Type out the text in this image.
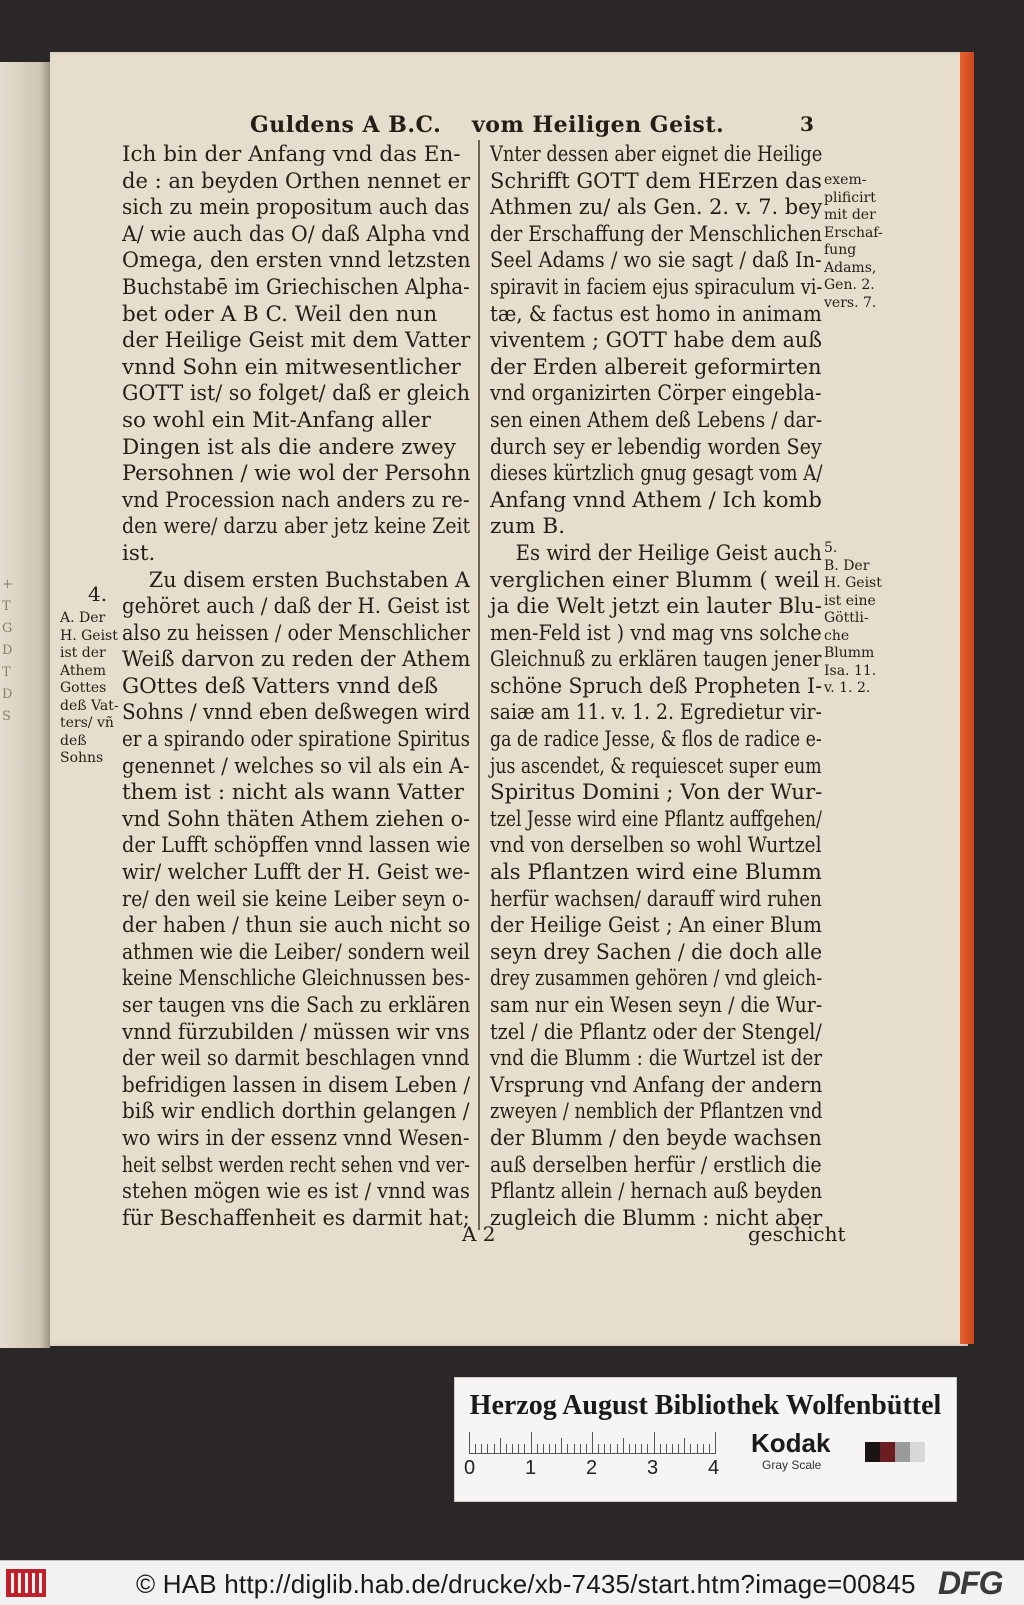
+
T
G
D
T
D
S
Guldens A B.C. vom Heiligen Geist.	3
Ich bin der Anfang vnd das En-
de : an beyden Orthen nennet er
sich zu mein propositum auch das
A/ wie auch das O/ daß Alpha vnd
Omega, den ersten vnnd letzsten
Buchstabē im Griechischen Alpha-
bet oder A B C. Weil den nun
der Heilige Geist mit dem Vatter
vnnd Sohn ein mitwesentlicher
GOTT ist/ so folget/ daß er gleich
so wohl ein Mit-Anfang aller
Dingen ist als die andere zwey
Persohnen / wie wol der Persohn
vnd Procession nach anders zu re-
den were/ darzu aber jetz keine Zeit
ist.
Zu disem ersten Buchstaben A
gehöret auch / daß der H. Geist ist
also zu heissen / oder Menschlicher
Weiß darvon zu reden der Athem
GOttes deß Vatters vnnd deß
Sohns / vnnd eben deßwegen wird
er a spirando oder spiratione Spiritus
genennet / welches so vil als ein A-
them ist : nicht als wann Vatter
vnd Sohn thäten Athem ziehen o-
der Lufft schöpffen vnnd lassen wie
wir/ welcher Lufft der H. Geist we-
re/ den weil sie keine Leiber seyn o-
der haben / thun sie auch nicht so
athmen wie die Leiber/ sondern weil
keine Menschliche Gleichnussen bes-
ser taugen vns die Sach zu erklären
vnnd fürzubilden / müssen wir vns
der weil so darmit beschlagen vnnd
befridigen lassen in disem Leben /
biß wir endlich dorthin gelangen /
wo wirs in der essenz vnnd Wesen-
heit selbst werden recht sehen vnd ver-
stehen mögen wie es ist / vnnd was
für Beschaffenheit es darmit hat;
Vnter dessen aber eignet die Heilige
Schrifft GOTT dem HErzen das
Athmen zu/ als Gen. 2. v. 7. bey
der Erschaffung der Menschlichen
Seel Adams / wo sie sagt / daß In-
spiravit in faciem ejus spiraculum vi-
tæ, & factus est homo in animam
viventem ; GOTT habe dem auß
der Erden albereit geformirten
vnd organizirten Cörper eingebla-
sen einen Athem deß Lebens / dar-
durch sey er lebendig worden Sey
dieses kürtzlich gnug gesagt vom A/
Anfang vnnd Athem / Ich komb
zum B.
Es wird der Heilige Geist auch
verglichen einer Blumm ( weil
ja die Welt jetzt ein lauter Blu-
men-Feld ist ) vnd mag vns solche
Gleichnuß zu erklären taugen jener
schöne Spruch deß Propheten I-
saiæ am 11. v. 1. 2. Egredietur vir-
ga de radice Jesse, & flos de radice e-
jus ascendet, & requiescet super eum
Spiritus Domini ; Von der Wur-
tzel Jesse wird eine Pflantz auffgehen/
vnd von derselben so wohl Wurtzel
als Pflantzen wird eine Blumm
herfür wachsen/ darauff wird ruhen
der Heilige Geist ; An einer Blum
seyn drey Sachen / die doch alle
drey zusammen gehören / vnd gleich-
sam nur ein Wesen seyn / die Wur-
tzel / die Pflantz oder der Stengel/
vnd die Blumm : die Wurtzel ist der
Vrsprung vnd Anfang der andern
zweyen / nemblich der Pflantzen vnd
der Blumm / den beyde wachsen
auß derselben herfür / erstlich die
Pflantz allein / hernach auß beyden
zugleich die Blumm : nicht aber
4.
A. Der
H. Geist
ist der
Athem
Gottes
deß Vat-
ters/ vñ
deß
Sohns
exem-
plificirt
mit der
Erschaf-
fung
Adams,
Gen. 2.
vers. 7.
5.
B. Der
H. Geist
ist eine
Göttli-
che
Blumm
Isa. 11.
v. 1. 2.
A 2	geschicht
Herzog August Bibliothek Wolfenbüttel
0 1 2 3 4
Kodak
Gray Scale
© HAB http://diglib.hab.de/drucke/xb-7435/start.htm?image=00845 DFG
